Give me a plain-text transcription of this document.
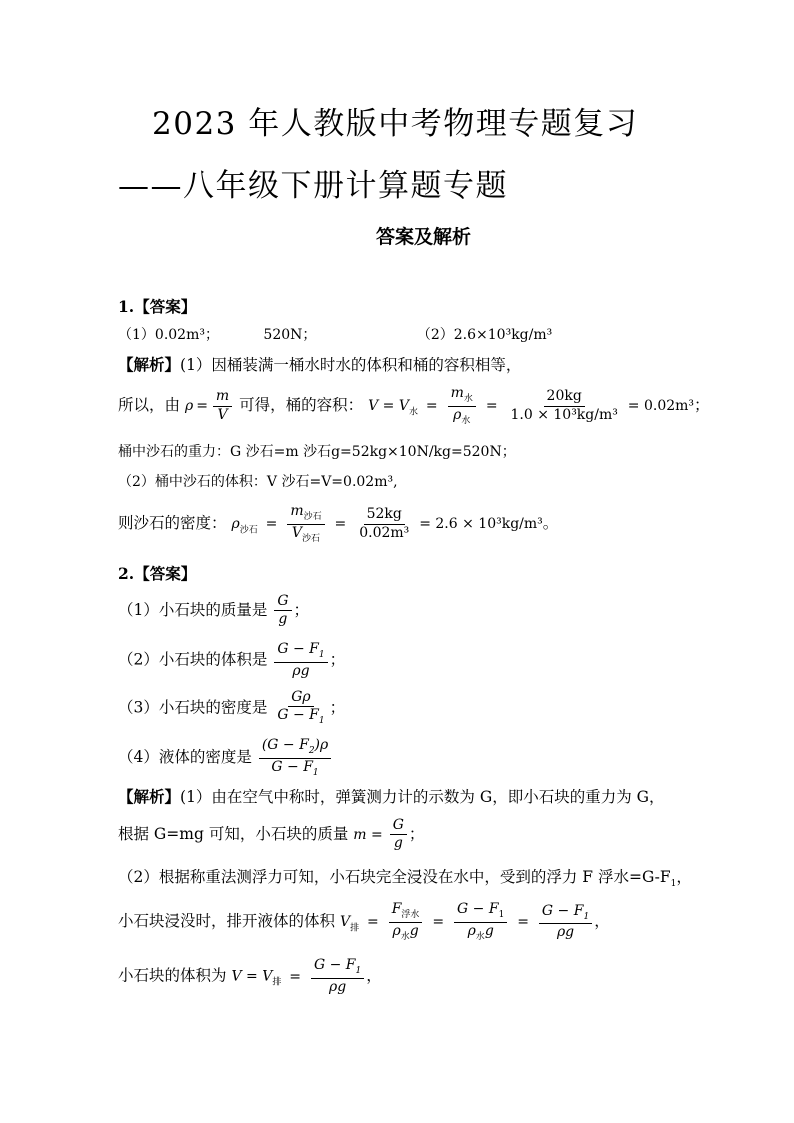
2023 年人教版中考物理专题复习
——八年级下册计算题专题
答案及解析
1.【答案】
（1）0.02m³；	520N；	（2）2.6×10³kg/m³
【解析】(1）因桶装满一桶水时水的体积和桶的容积相等，
所以，由 $\rho = \frac{m}{V}$ 可得，桶的容积： $V = V_水 = \frac{m_水}{\rho_水} = \frac{20kg}{\text{1.0 × 10³kg/m³}} = 0.02m^3$；
桶中沙石的重力：G 沙石=m 沙石g=52kg×10N/kg=520N；
（2）桶中沙石的体积：V 沙石=V=0.02m³,
则沙石的密度： $\rho_{沙石} = \frac{m_{沙石}}{V_{沙石}} = \frac{52kg}{\text{0.02m³}} = 2.6 \times 10^3kg/m^3$。
2.【答案】
（1）小石块的质量是 $\frac{G}{g}$ ；
（2）小石块的体积是 $\frac{G - F_1}{\rho g}$ ；
（3）小石块的密度是 $\frac{G\rho}{G - F_1}$ ；
（4）液体的密度是 $\frac{(G - F_2)\rho}{G - F_1}$
【解析】(1）由在空气中称时，弹簧测力计的示数为 G，即小石块的重力为 G，
根据 G=mg 可知，小石块的质量 $m = \frac{G}{g}$ ；
（2）根据称重法测浮力可知，小石块完全浸没在水中，受到的浮力 F 浮水$=G-F_1$，
小石块浸没时，排开液体的体积 $V_排 = \frac{F_{浮水}}{\rho_水g} = \frac{G - F_1}{\rho_水g} = \frac{G - F_1}{\rho g}$ ，
小石块的体积为 $V = V_排 = \frac{G - F_1}{\rho g}$ ，
